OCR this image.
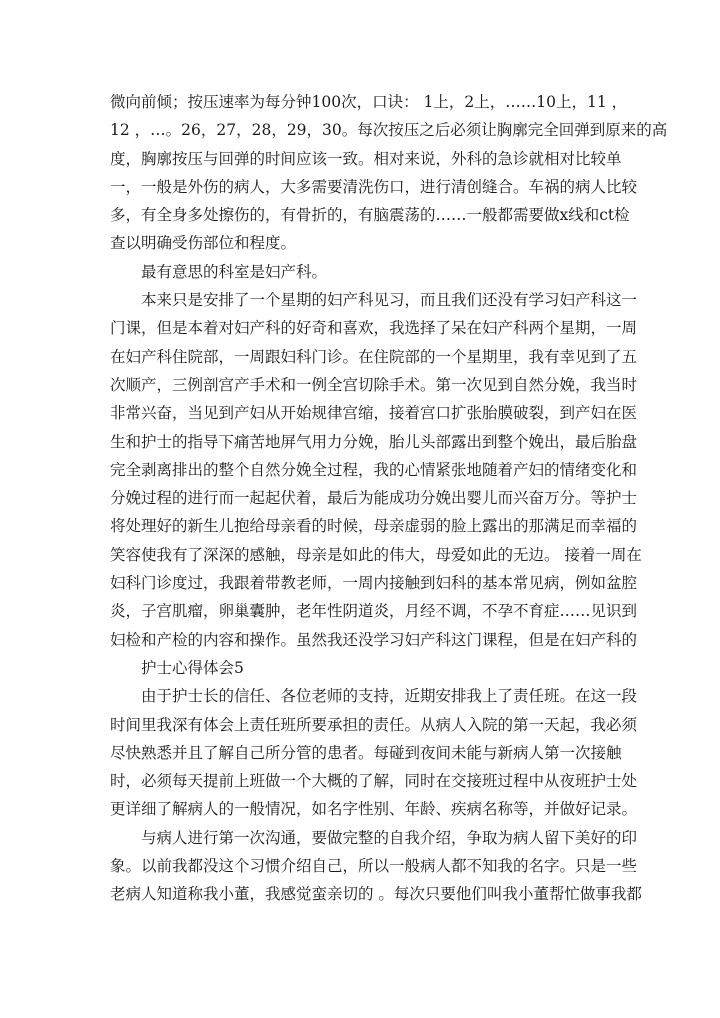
微向前倾；按压速率为每分钟100次，口诀： 1上，2上，……10上，11 ，
12 ，…。26，27，28，29，30。每次按压之后必须让胸廓完全回弹到原来的高
度，胸廓按压与回弹的时间应该一致。相对来说，外科的急诊就相对比较单
一，一般是外伤的病人，大多需要清洗伤口，进行清创缝合。车祸的病人比较
多，有全身多处擦伤的，有骨折的，有脑震荡的……一般都需要做x线和ct检
查以明确受伤部位和程度。
最有意思的科室是妇产科。
本来只是安排了一个星期的妇产科见习，而且我们还没有学习妇产科这一
门课，但是本着对妇产科的好奇和喜欢，我选择了呆在妇产科两个星期，一周
在妇产科住院部，一周跟妇科门诊。在住院部的一个星期里，我有幸见到了五
次顺产，三例剖宫产手术和一例全宫切除手术。第一次见到自然分娩，我当时
非常兴奋，当见到产妇从开始规律宫缩，接着宫口扩张胎膜破裂，到产妇在医
生和护士的指导下痛苦地屏气用力分娩，胎儿头部露出到整个娩出，最后胎盘
完全剥离排出的整个自然分娩全过程，我的心情紧张地随着产妇的情绪变化和
分娩过程的进行而一起起伏着，最后为能成功分娩出婴儿而兴奋万分。等护士
将处理好的新生儿抱给母亲看的时候，母亲虚弱的脸上露出的那满足而幸福的
笑容使我有了深深的感触，母亲是如此的伟大，母爱如此的无边。 接着一周在
妇科门诊度过，我跟着带教老师，一周内接触到妇科的基本常见病，例如盆腔
炎，子宫肌瘤，卵巢囊肿，老年性阴道炎，月经不调，不孕不育症……见识到
妇检和产检的内容和操作。虽然我还没学习妇产科这门课程，但是在妇产科的
护士心得体会5
由于护士长的信任、各位老师的支持，近期安排我上了责任班。在这一段
时间里我深有体会上责任班所要承担的责任。从病人入院的第一天起，我必须
尽快熟悉并且了解自己所分管的患者。每碰到夜间未能与新病人第一次接触
时，必须每天提前上班做一个大概的了解，同时在交接班过程中从夜班护士处
更详细了解病人的一般情况，如名字性别、年龄、疾病名称等，并做好记录。
与病人进行第一次沟通，要做完整的自我介绍，争取为病人留下美好的印
象。以前我都没这个习惯介绍自己，所以一般病人都不知我的名字。只是一些
老病人知道称我小董，我感觉蛮亲切的 。每次只要他们叫我小董帮忙做事我都
